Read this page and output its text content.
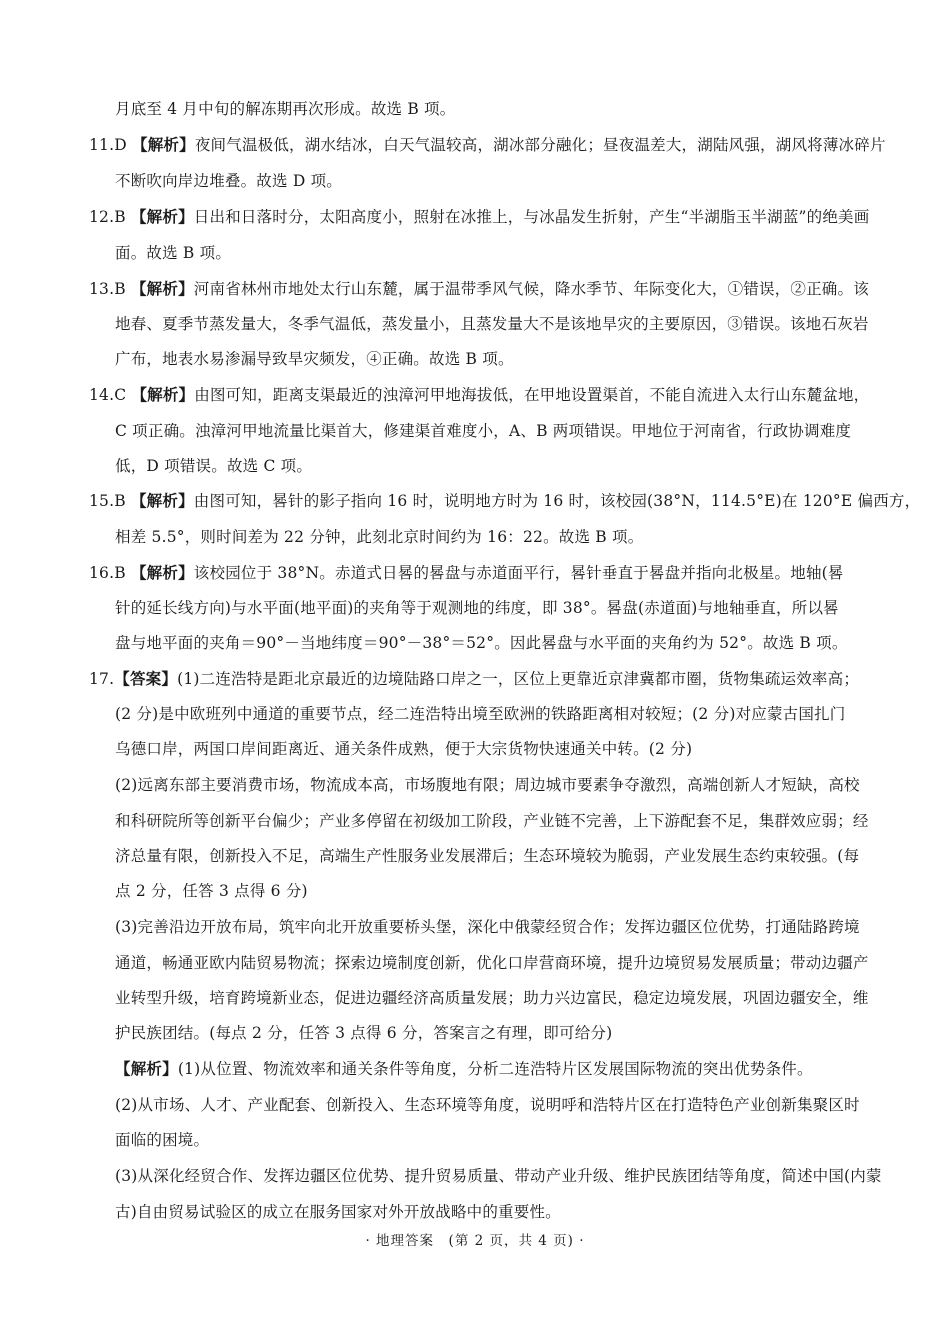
月底至 4 月中旬的解冻期再次形成。故选 B 项。
11.D 【解析】夜间气温极低，湖水结冰，白天气温较高，湖冰部分融化；昼夜温差大，湖陆风强，湖风将薄冰碎片
不断吹向岸边堆叠。故选 D 项。
12.B 【解析】日出和日落时分，太阳高度小，照射在冰推上，与冰晶发生折射，产生“半湖脂玉半湖蓝”的绝美画
面。故选 B 项。
13.B 【解析】河南省林州市地处太行山东麓，属于温带季风气候，降水季节、年际变化大，①错误，②正确。该
地春、夏季节蒸发量大，冬季气温低，蒸发量小，且蒸发量大不是该地旱灾的主要原因，③错误。该地石灰岩
广布，地表水易渗漏导致旱灾频发，④正确。故选 B 项。
14.C 【解析】由图可知，距离支渠最近的浊漳河甲地海拔低，在甲地设置渠首，不能自流进入太行山东麓盆地，
C 项正确。浊漳河甲地流量比渠首大，修建渠首难度小，A、B 两项错误。甲地位于河南省，行政协调难度
低，D 项错误。故选 C 项。
15.B 【解析】由图可知，晷针的影子指向 16 时，说明地方时为 16 时，该校园(38°N，114.5°E)在 120°E 偏西方，
相差 5.5°，则时间差为 22 分钟，此刻北京时间约为 16：22。故选 B 项。
16.B 【解析】该校园位于 38°N。赤道式日晷的晷盘与赤道面平行，晷针垂直于晷盘并指向北极星。地轴(晷
针的延长线方向)与水平面(地平面)的夹角等于观测地的纬度，即 38°。晷盘(赤道面)与地轴垂直，所以晷
盘与地平面的夹角＝90°－当地纬度＝90°－38°＝52°。因此晷盘与水平面的夹角约为 52°。故选 B 项。
17.【答案】(1)二连浩特是距北京最近的边境陆路口岸之一，区位上更靠近京津冀都市圈，货物集疏运效率高；
(2 分)是中欧班列中通道的重要节点，经二连浩特出境至欧洲的铁路距离相对较短；(2 分)对应蒙古国扎门
乌德口岸，两国口岸间距离近、通关条件成熟，便于大宗货物快速通关中转。(2 分)
(2)远离东部主要消费市场，物流成本高，市场腹地有限；周边城市要素争夺激烈，高端创新人才短缺，高校
和科研院所等创新平台偏少；产业多停留在初级加工阶段，产业链不完善，上下游配套不足，集群效应弱；经
济总量有限，创新投入不足，高端生产性服务业发展滞后；生态环境较为脆弱，产业发展生态约束较强。(每
点 2 分，任答 3 点得 6 分)
(3)完善沿边开放布局，筑牢向北开放重要桥头堡，深化中俄蒙经贸合作；发挥边疆区位优势，打通陆路跨境
通道，畅通亚欧内陆贸易物流；探索边境制度创新，优化口岸营商环境，提升边境贸易发展质量；带动边疆产
业转型升级，培育跨境新业态，促进边疆经济高质量发展；助力兴边富民，稳定边境发展，巩固边疆安全，维
护民族团结。(每点 2 分，任答 3 点得 6 分，答案言之有理，即可给分)
【解析】(1)从位置、物流效率和通关条件等角度，分析二连浩特片区发展国际物流的突出优势条件。
(2)从市场、人才、产业配套、创新投入、生态环境等角度，说明呼和浩特片区在打造特色产业创新集聚区时
面临的困境。
(3)从深化经贸合作、发挥边疆区位优势、提升贸易质量、带动产业升级、维护民族团结等角度，简述中国(内蒙
古)自由贸易试验区的成立在服务国家对外开放战略中的重要性。
· 地理答案　(第 2 页，共 4 页) ·
